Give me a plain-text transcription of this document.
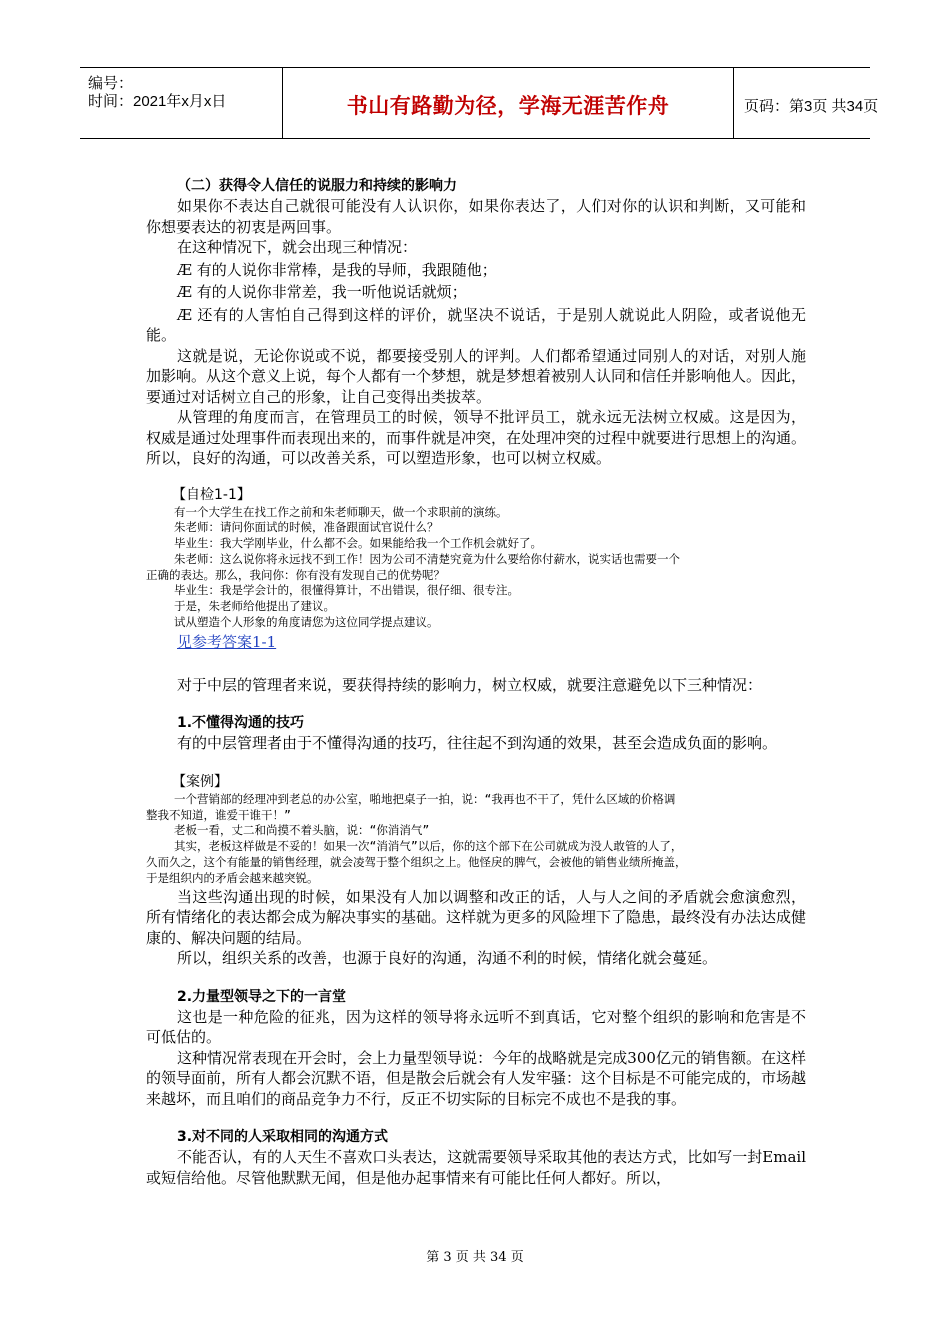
编号：
时间：2021年x月x日	书山有路勤为径，学海无涯苦作舟	页码：第3页 共34页
（二）获得令人信任的说服力和持续的影响力

如果你不表达自己就很可能没有人认识你，如果你表达了，人们对你的认识和判断，又可能和你想要表达的初衷是两回事。

在这种情况下，就会出现三种情况：

Æ 有的人说你非常棒，是我的导师，我跟随他；

Æ 有的人说你非常差，我一听他说话就烦；

Æ 还有的人害怕自己得到这样的评价，就坚决不说话，于是别人就说此人阴险，或者说他无能。

这就是说，无论你说或不说，都要接受别人的评判。人们都希望通过同别人的对话，对别人施加影响。从这个意义上说，每个人都有一个梦想，就是梦想着被别人认同和信任并影响他人。因此，要通过对话树立自己的形象，让自己变得出类拔萃。

从管理的角度而言，在管理员工的时候，领导不批评员工，就永远无法树立权威。这是因为，权威是通过处理事件而表现出来的，而事件就是冲突，在处理冲突的过程中就要进行思想上的沟通。所以，良好的沟通，可以改善关系，可以塑造形象，也可以树立权威。

【自检1-1】

有一个大学生在找工作之前和朱老师聊天，做一个求职前的演练。

朱老师：请问你面试的时候，准备跟面试官说什么？

毕业生：我大学刚毕业，什么都不会。如果能给我一个工作机会就好了。

朱老师：这么说你将永远找不到工作！因为公司不清楚究竟为什么要给你付薪水，说实话也需要一个

正确的表达。那么，我问你：你有没有发现自己的优势呢？

毕业生：我是学会计的，很懂得算计，不出错误，很仔细、很专注。

于是，朱老师给他提出了建议。

试从塑造个人形象的角度请您为这位同学提点建议。

见参考答案1-1

对于中层的管理者来说，要获得持续的影响力，树立权威，就要注意避免以下三种情况：

1.不懂得沟通的技巧

有的中层管理者由于不懂得沟通的技巧，往往起不到沟通的效果，甚至会造成负面的影响。

【案例】

一个营销部的经理冲到老总的办公室，啪地把桌子一拍，说：“我再也不干了，凭什么区域的价格调

整我不知道，谁爱干谁干！”

老板一看，丈二和尚摸不着头脑，说：“你消消气”

其实，老板这样做是不妥的！如果一次“消消气”以后，你的这个部下在公司就成为没人敢管的人了，

久而久之，这个有能量的销售经理，就会凌驾于整个组织之上。他怪戾的脾气，会被他的销售业绩所掩盖，

于是组织内的矛盾会越来越突锐。

当这些沟通出现的时候，如果没有人加以调整和改正的话，人与人之间的矛盾就会愈演愈烈，所有情绪化的表达都会成为解决事实的基础。这样就为更多的风险埋下了隐患，最终没有办法达成健康的、解决问题的结局。

所以，组织关系的改善，也源于良好的沟通，沟通不利的时候，情绪化就会蔓延。

2.力量型领导之下的一言堂

这也是一种危险的征兆，因为这样的领导将永远听不到真话，它对整个组织的影响和危害是不可低估的。

这种情况常表现在开会时，会上力量型领导说：今年的战略就是完成300亿元的销售额。在这样的领导面前，所有人都会沉默不语，但是散会后就会有人发牢骚：这个目标是不可能完成的，市场越来越坏，而且咱们的商品竞争力不行，反正不切实际的目标完不成也不是我的事。

3.对不同的人采取相同的沟通方式

不能否认，有的人天生不喜欢口头表达，这就需要领导采取其他的表达方式，比如写一封Email或短信给他。尽管他默默无闻，但是他办起事情来有可能比任何人都好。所以，

第 3 页 共 34 页
